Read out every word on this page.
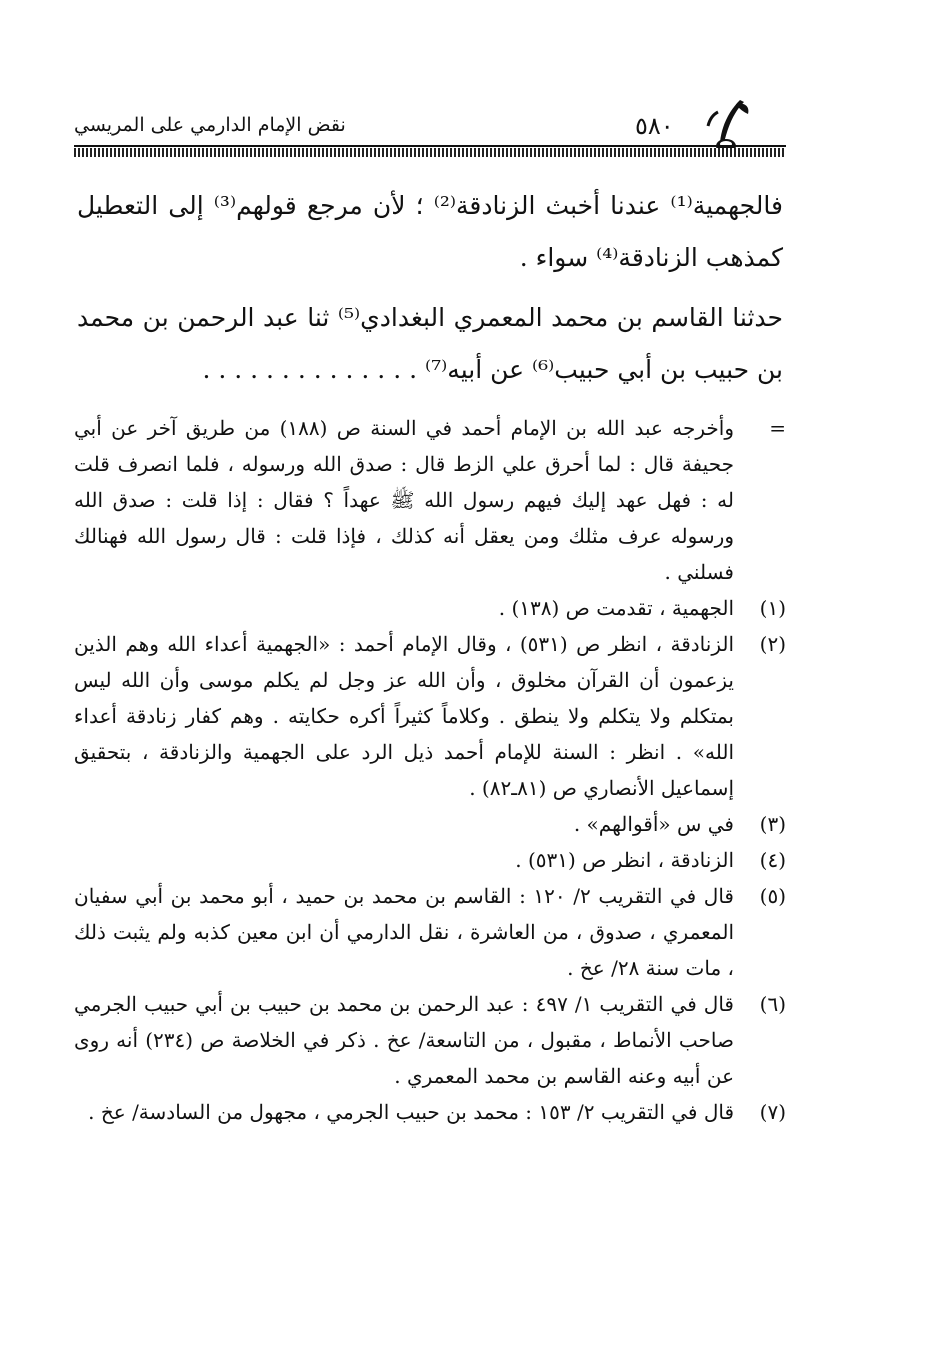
نقض الإمام الدارمي على المريسي	٥٨٠

فالجهمية⁽¹⁾ عندنا أخبث الزنادقة⁽²⁾ ؛ لأن مرجع قولهم⁽³⁾ إلى التعطيل كمذهب الزنادقة⁽⁴⁾ سواء .

حدثنا القاسم بن محمد المعمري البغدادي⁽⁵⁾ ثنا عبد الرحمن بن محمد بن حبيب بن أبي حبيب⁽⁶⁾ عن أبيه⁽⁷⁾ . . . . . . . . . . . . . .

=
وأخرجه عبد الله بن الإمام أحمد في السنة ص (١٨٨) من طريق آخر عن أبي جحيفة قال : لما أحرق علي الزط قال : صدق الله ورسوله ، فلما انصرف قلت له : فهل عهد إليك فيهم رسول الله ﷺ عهداً ؟ فقال : إذا قلت : صدق الله ورسوله عرف مثلك ومن يعقل أنه كذلك ، فإذا قلت : قال رسول الله فهنالك فسلني .
(١)
الجهمية ، تقدمت ص (١٣٨) .
(٢)
الزنادقة ، انظر ص (٥٣١) ، وقال الإمام أحمد : «الجهمية أعداء الله وهم الذين يزعمون أن القرآن مخلوق ، وأن الله عز وجل لم يكلم موسى وأن الله ليس بمتكلم ولا يتكلم ولا ينطق . وكلاماً كثيراً أكره حكايته . وهم كفار زنادقة أعداء الله» . انظر : السنة للإمام أحمد ذيل الرد على الجهمية والزنادقة ، بتحقيق إسماعيل الأنصاري ص (٨١ـ٨٢) .
(٣)
في س «أقوالهم» .
(٤)
الزنادقة ، انظر ص (٥٣١) .
(٥)
قال في التقريب ٢/ ١٢٠ : القاسم بن محمد بن حميد ، أبو محمد بن أبي سفيان المعمري ، صدوق ، من العاشرة ، نقل الدارمي أن ابن معين كذبه ولم يثبت ذلك ، مات سنة ٢٨/ عخ .
(٦)
قال في التقريب ١/ ٤٩٧ : عبد الرحمن بن محمد بن حبيب بن أبي حبيب الجرمي صاحب الأنماط ، مقبول ، من التاسعة/ عخ . ذكر في الخلاصة ص (٢٣٤) أنه روى عن أبيه وعنه القاسم بن محمد المعمري .
(٧)
قال في التقريب ٢/ ١٥٣ : محمد بن حبيب الجرمي ، مجهول من السادسة/ عخ .
